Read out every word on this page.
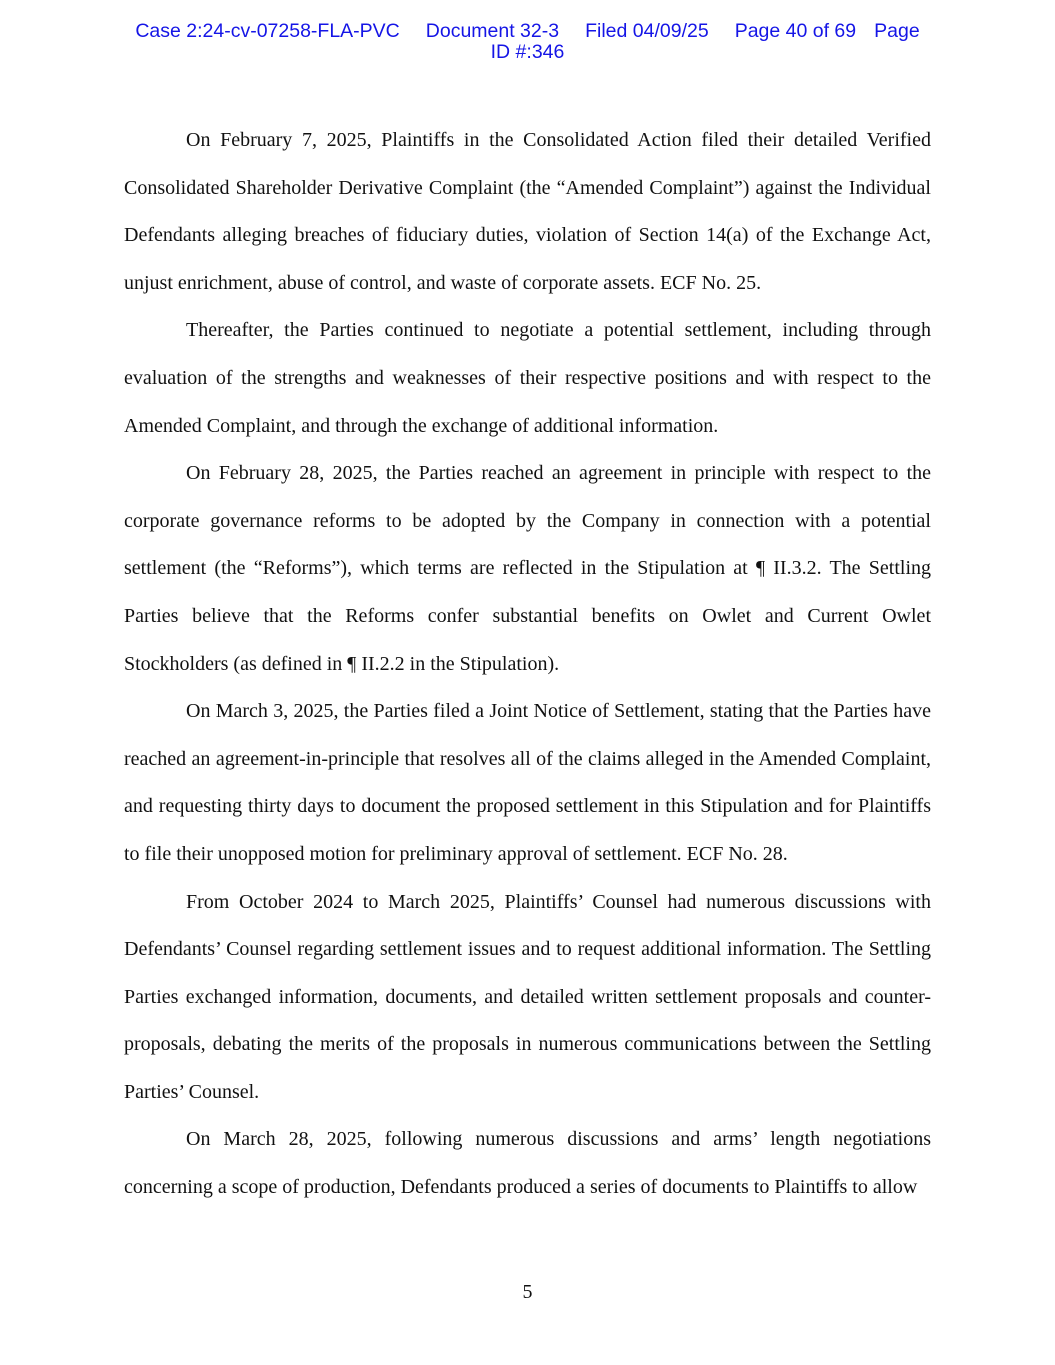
Case 2:24-cv-07258-FLA-PVC Document 32-3 Filed 04/09/25 Page 40 of 69 Page
ID #:346

On February 7, 2025, Plaintiffs in the Consolidated Action filed their detailed Verified Consolidated Shareholder Derivative Complaint (the “Amended Complaint”) against the Individual Defendants alleging breaches of fiduciary duties, violation of Section 14(a) of the Exchange Act, unjust enrichment, abuse of control, and waste of corporate assets. ECF No. 25.

Thereafter, the Parties continued to negotiate a potential settlement, including through evaluation of the strengths and weaknesses of their respective positions and with respect to the Amended Complaint, and through the exchange of additional information.

On February 28, 2025, the Parties reached an agreement in principle with respect to the corporate governance reforms to be adopted by the Company in connection with a potential settlement (the “Reforms”), which terms are reflected in the Stipulation at ¶ II.3.2. The Settling Parties believe that the Reforms confer substantial benefits on Owlet and Current Owlet Stockholders (as defined in ¶ II.2.2 in the Stipulation).

On March 3, 2025, the Parties filed a Joint Notice of Settlement, stating that the Parties have reached an agreement-in-principle that resolves all of the claims alleged in the Amended Complaint, and requesting thirty days to document the proposed settlement in this Stipulation and for Plaintiffs to file their unopposed motion for preliminary approval of settlement. ECF No. 28.

From October 2024 to March 2025, Plaintiffs’ Counsel had numerous discussions with Defendants’ Counsel regarding settlement issues and to request additional information. The Settling Parties exchanged information, documents, and detailed written settlement proposals and counter-proposals, debating the merits of the proposals in numerous communications between the Settling Parties’ Counsel.

On March 28, 2025, following numerous discussions and arms’ length negotiations concerning a scope of production, Defendants produced a series of documents to Plaintiffs to allow

5
